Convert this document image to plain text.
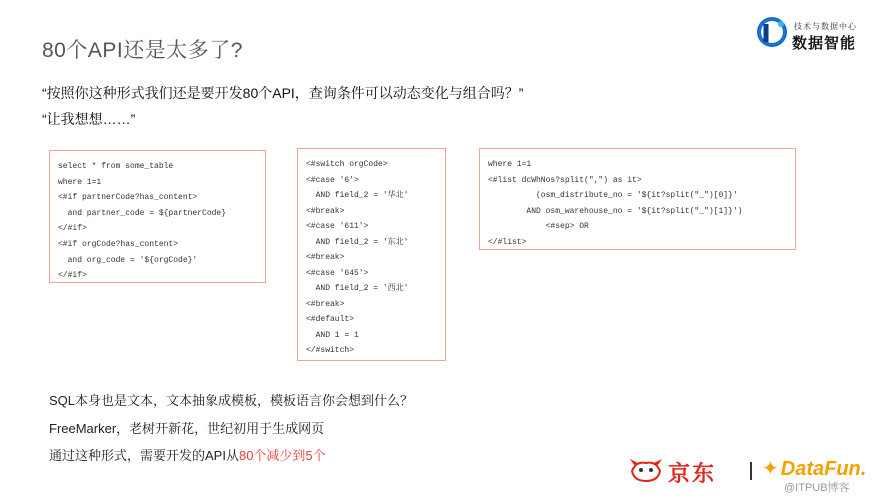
80个API还是太多了?
技术与数据中心
数据智能
“按照你这种形式我们还是要开发80个API，查询条件可以动态变化与组合吗？”
“让我想想……”
select * from some_table
where 1=1
<#if partnerCode?has_content>
and partner_code = ${partnerCode}
</#if>
<#if orgCode?has_content>
and org_code = '${orgCode}'
</#if>
<#switch orgCode>
<#case '6'>
AND field_2 = '华北'
<#break>
<#case '611'>
AND field_2 = '东北'
<#break>
<#case '645'>
AND field_2 = '西北'
<#break>
<#default>
AND 1 = 1
</#switch>
where 1=1
<#list dcWhNos?split(",") as it>
(osm_distribute_no = '${it?split("_")[0]}'
AND osm_warehouse_no = '${it?split("_")[1]}')
<#sep> OR
</#list>
SQL本身也是文本，文本抽象成模板，模板语言你会想到什么？
FreeMarker，老树开新花，世纪初用于生成网页
通过这种形式，需要开发的API从80个减少到5个
京东 ✦ DataFun.
@ITPUB博客
